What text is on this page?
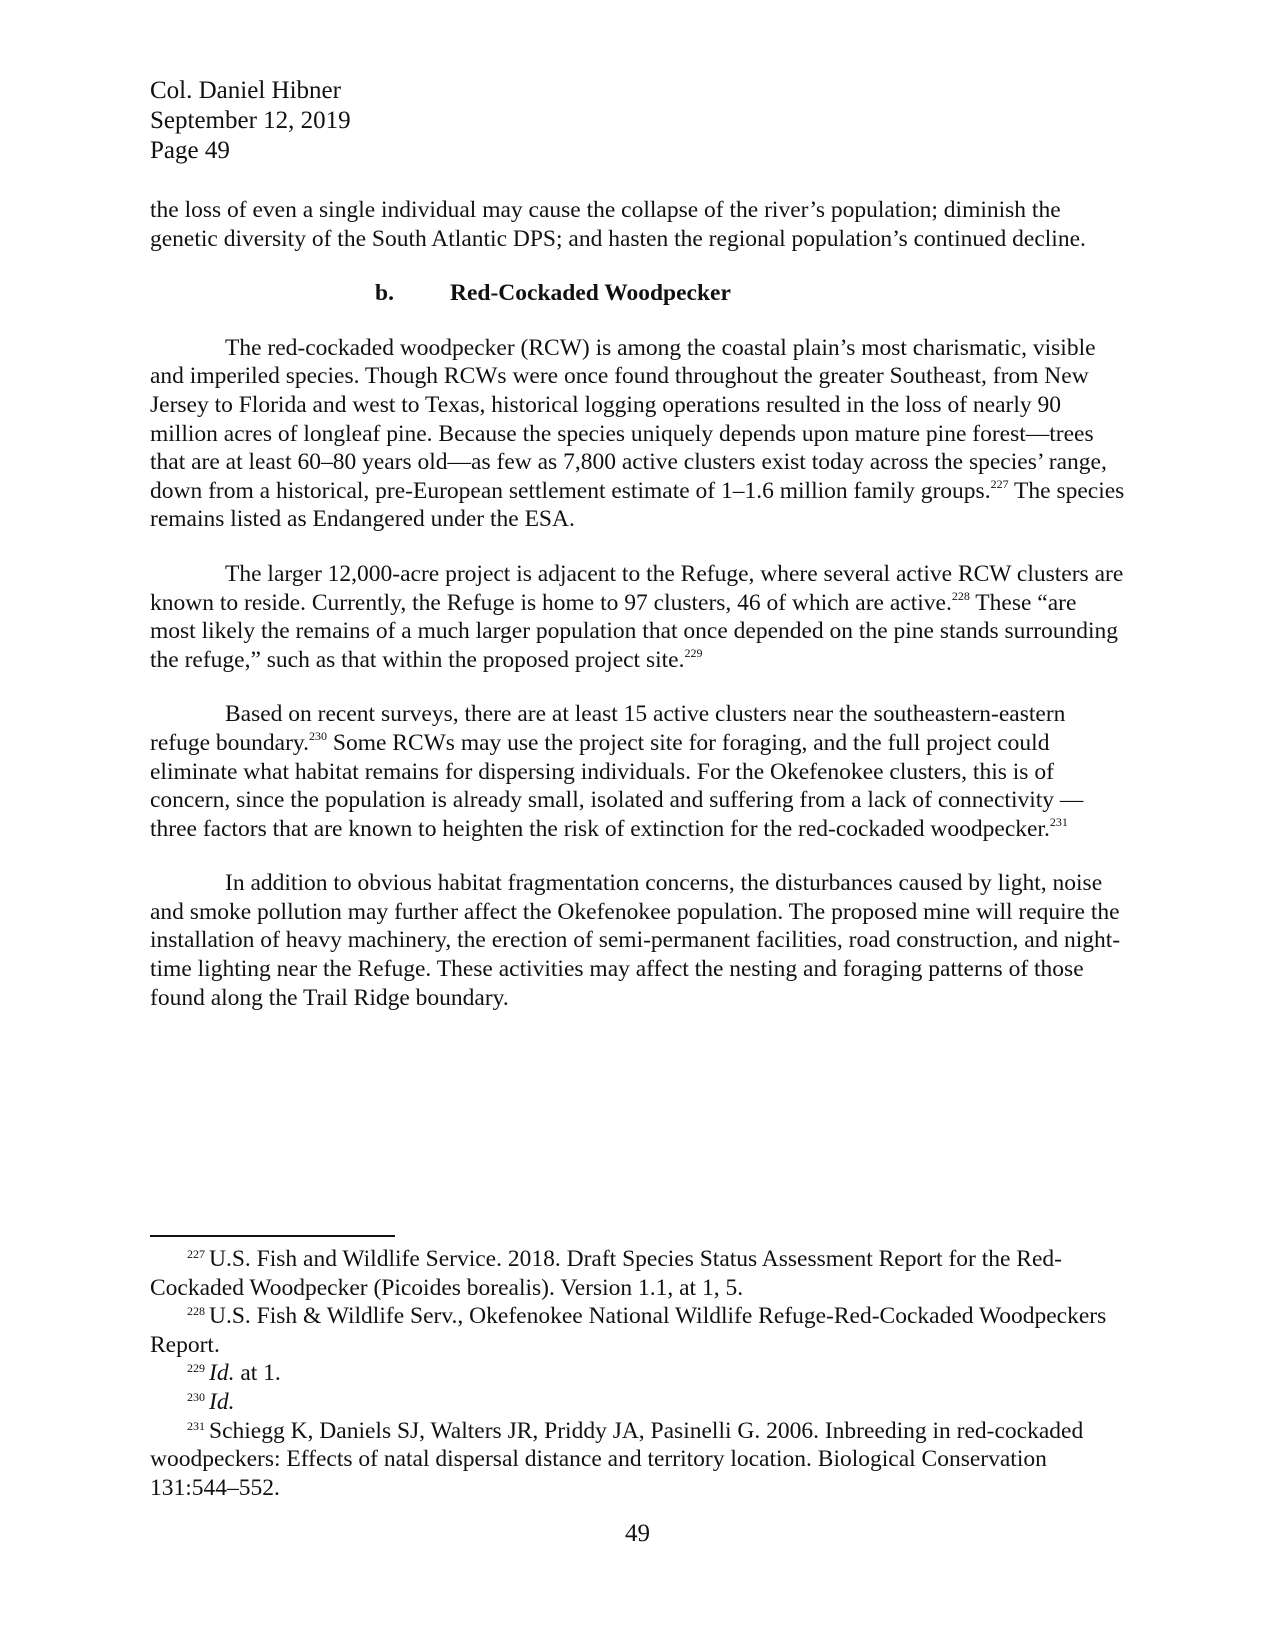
Col. Daniel Hibner
September 12, 2019
Page 49

the loss of even a single individual may cause the collapse of the river’s population; diminish the genetic diversity of the South Atlantic DPS; and hasten the regional population’s continued decline.

b. Red-Cockaded Woodpecker

The red-cockaded woodpecker (RCW) is among the coastal plain’s most charismatic, visible and imperiled species. Though RCWs were once found throughout the greater Southeast, from New Jersey to Florida and west to Texas, historical logging operations resulted in the loss of nearly 90 million acres of longleaf pine. Because the species uniquely depends upon mature pine forest—trees that are at least 60–80 years old—as few as 7,800 active clusters exist today across the species’ range, down from a historical, pre-European settlement estimate of 1–1.6 million family groups.$^{227}$ The species remains listed as Endangered under the ESA.

The larger 12,000-acre project is adjacent to the Refuge, where several active RCW clusters are known to reside. Currently, the Refuge is home to 97 clusters, 46 of which are active.$^{228}$ These “are most likely the remains of a much larger population that once depended on the pine stands surrounding the refuge,” such as that within the proposed project site.$^{229}$

Based on recent surveys, there are at least 15 active clusters near the southeastern-eastern refuge boundary.$^{230}$ Some RCWs may use the project site for foraging, and the full project could eliminate what habitat remains for dispersing individuals. For the Okefenokee clusters, this is of concern, since the population is already small, isolated and suffering from a lack of connectivity —three factors that are known to heighten the risk of extinction for the red-cockaded woodpecker.$^{231}$

In addition to obvious habitat fragmentation concerns, the disturbances caused by light, noise and smoke pollution may further affect the Okefenokee population. The proposed mine will require the installation of heavy machinery, the erection of semi-permanent facilities, road construction, and night-time lighting near the Refuge. These activities may affect the nesting and foraging patterns of those found along the Trail Ridge boundary.

$^{227}$ U.S. Fish and Wildlife Service. 2018. Draft Species Status Assessment Report for the Red-Cockaded Woodpecker (Picoides borealis). Version 1.1, at 1, 5.

$^{228}$ U.S. Fish & Wildlife Serv., Okefenokee National Wildlife Refuge-Red-Cockaded Woodpeckers Report.

$^{229}$ Id. at 1.

$^{230}$ Id.

$^{231}$ Schiegg K, Daniels SJ, Walters JR, Priddy JA, Pasinelli G. 2006. Inbreeding in red-cockaded woodpeckers: Effects of natal dispersal distance and territory location. Biological Conservation 131:544–552.

49
